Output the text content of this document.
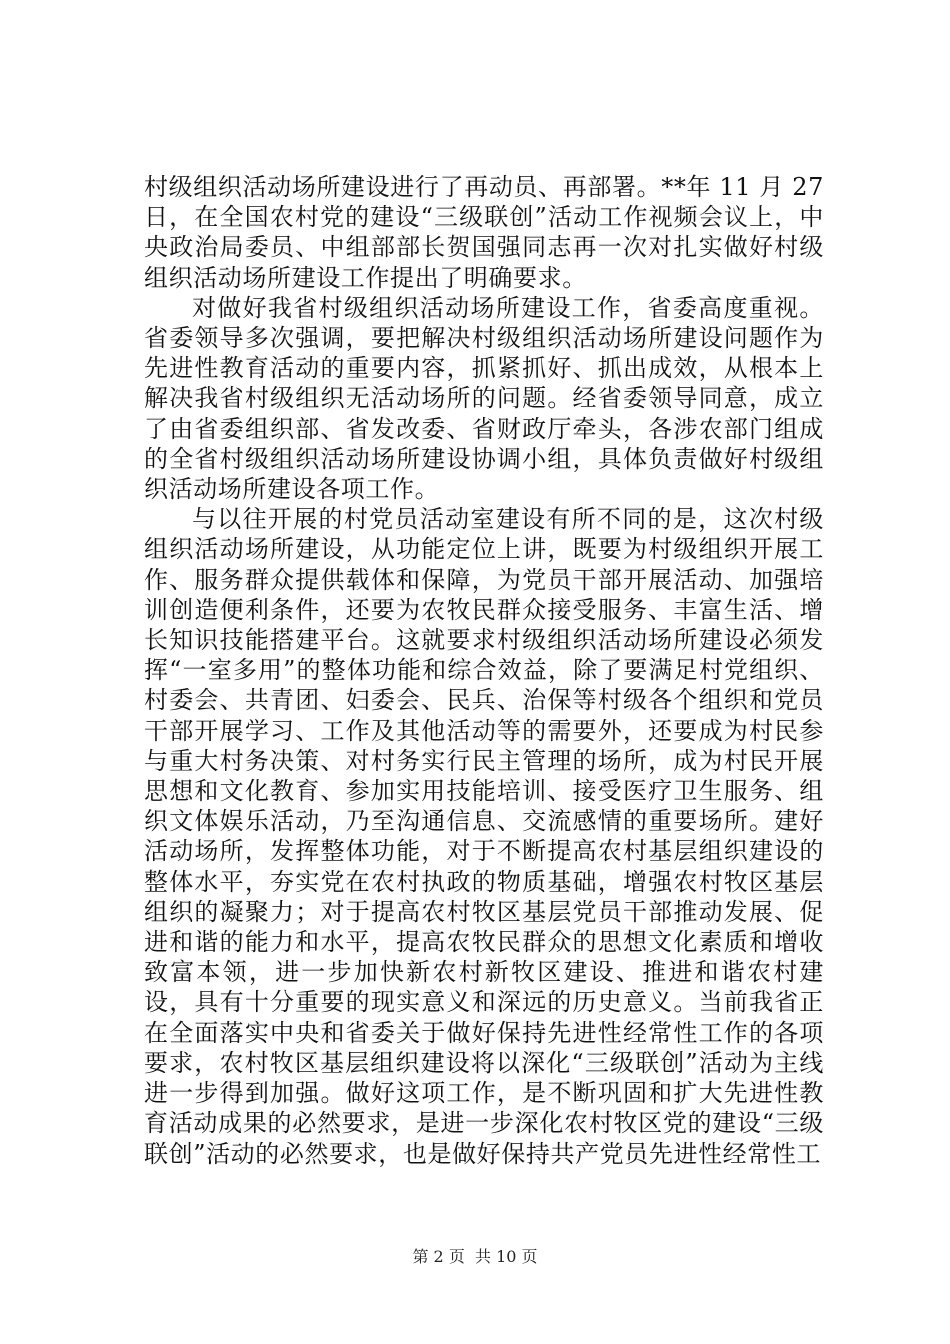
村级组织活动场所建设进行了再动员、再部署。**年 11 月 27 日，在全国农村党的建设“三级联创”活动工作视频会议上，中央政治局委员、中组部部长贺国强同志再一次对扎实做好村级组织活动场所建设工作提出了明确要求。

对做好我省村级组织活动场所建设工作，省委高度重视。省委领导多次强调，要把解决村级组织活动场所建设问题作为先进性教育活动的重要内容，抓紧抓好、抓出成效，从根本上解决我省村级组织无活动场所的问题。经省委领导同意，成立了由省委组织部、省发改委、省财政厅牵头，各涉农部门组成的全省村级组织活动场所建设协调小组，具体负责做好村级组织活动场所建设各项工作。

与以往开展的村党员活动室建设有所不同的是，这次村级组织活动场所建设，从功能定位上讲，既要为村级组织开展工作、服务群众提供载体和保障，为党员干部开展活动、加强培训创造便利条件，还要为农牧民群众接受服务、丰富生活、增长知识技能搭建平台。这就要求村级组织活动场所建设必须发挥“一室多用”的整体功能和综合效益，除了要满足村党组织、村委会、共青团、妇委会、民兵、治保等村级各个组织和党员干部开展学习、工作及其他活动等的需要外，还要成为村民参与重大村务决策、对村务实行民主管理的场所，成为村民开展思想和文化教育、参加实用技能培训、接受医疗卫生服务、组织文体娱乐活动，乃至沟通信息、交流感情的重要场所。建好活动场所，发挥整体功能，对于不断提高农村基层组织建设的整体水平，夯实党在农村执政的物质基础，增强农村牧区基层组织的凝聚力；对于提高农村牧区基层党员干部推动发展、促进和谐的能力和水平，提高农牧民群众的思想文化素质和增收致富本领，进一步加快新农村新牧区建设、推进和谐农村建设，具有十分重要的现实意义和深远的历史意义。当前我省正在全面落实中央和省委关于做好保持先进性经常性工作的各项要求，农村牧区基层组织建设将以深化“三级联创”活动为主线进一步得到加强。做好这项工作，是不断巩固和扩大先进性教育活动成果的必然要求，是进一步深化农村牧区党的建设“三级联创”活动的必然要求，也是做好保持共产党员先进性经常性工

第 2 页  共 10 页
